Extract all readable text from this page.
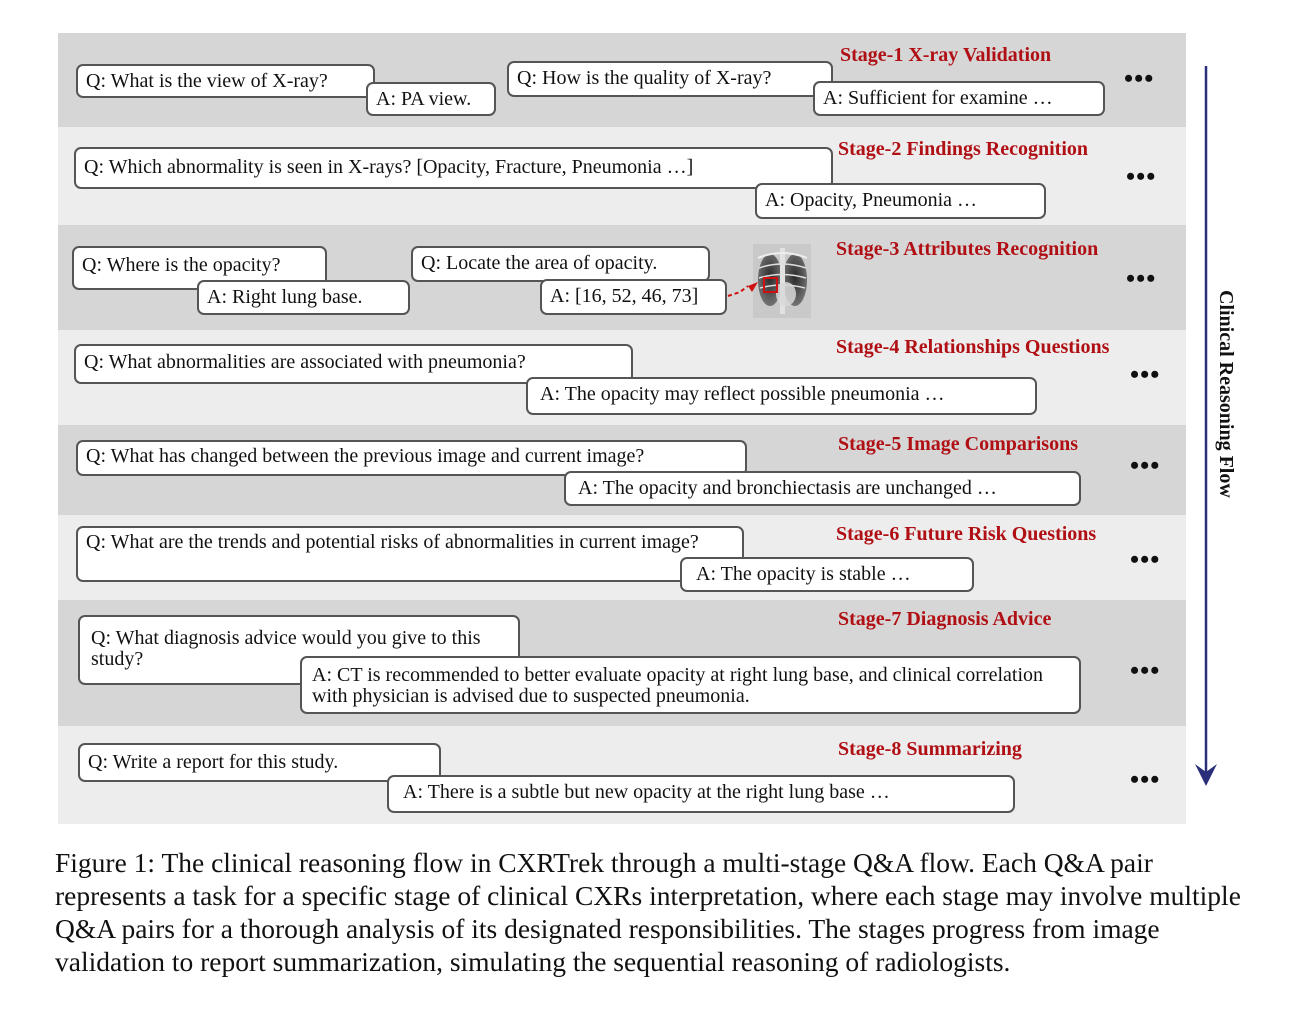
Stage-1 X-ray Validation
Q: What is the view of X-ray?
A: PA view.
Q: How is the quality of X-ray?
A: Sufficient for examine …
•••
Stage-2 Findings Recognition
Q: Which abnormality is seen in X-rays? [Opacity, Fracture, Pneumonia …]
A: Opacity, Pneumonia …
•••
Stage-3 Attributes Recognition
Q: Where is the opacity?
A: Right lung base.
Q: Locate the area of opacity.
A: [16, 52, 46, 73]
•••
Stage-4 Relationships Questions
Q: What abnormalities are associated with pneumonia?
A: The opacity may reflect possible pneumonia …
•••
Stage-5 Image Comparisons
Q: What has changed between the previous image and current image?
A: The opacity and bronchiectasis are unchanged …
•••
Stage-6 Future Risk Questions
Q: What are the trends and potential risks of abnormalities in current image?
A: The opacity is stable …	•••
Stage-7 Diagnosis Advice
Q: What diagnosis advice would you give to this study?
A: CT is recommended to better evaluate opacity at right lung base, and clinical correlation with physician is advised due to suspected pneumonia.
•••
Stage-8 Summarizing
Q: Write a report for this study.
A: There is a subtle but new opacity at the right lung base …	•••
Clinical Reasoning Flow
Figure 1: The clinical reasoning flow in CXRTrek through a multi-stage Q&A flow. Each Q&A pair represents a task for a specific stage of clinical CXRs interpretation, where each stage may involve multiple Q&A pairs for a thorough analysis of its designated responsibilities. The stages progress from image validation to report summarization, simulating the sequential reasoning of radiologists.
